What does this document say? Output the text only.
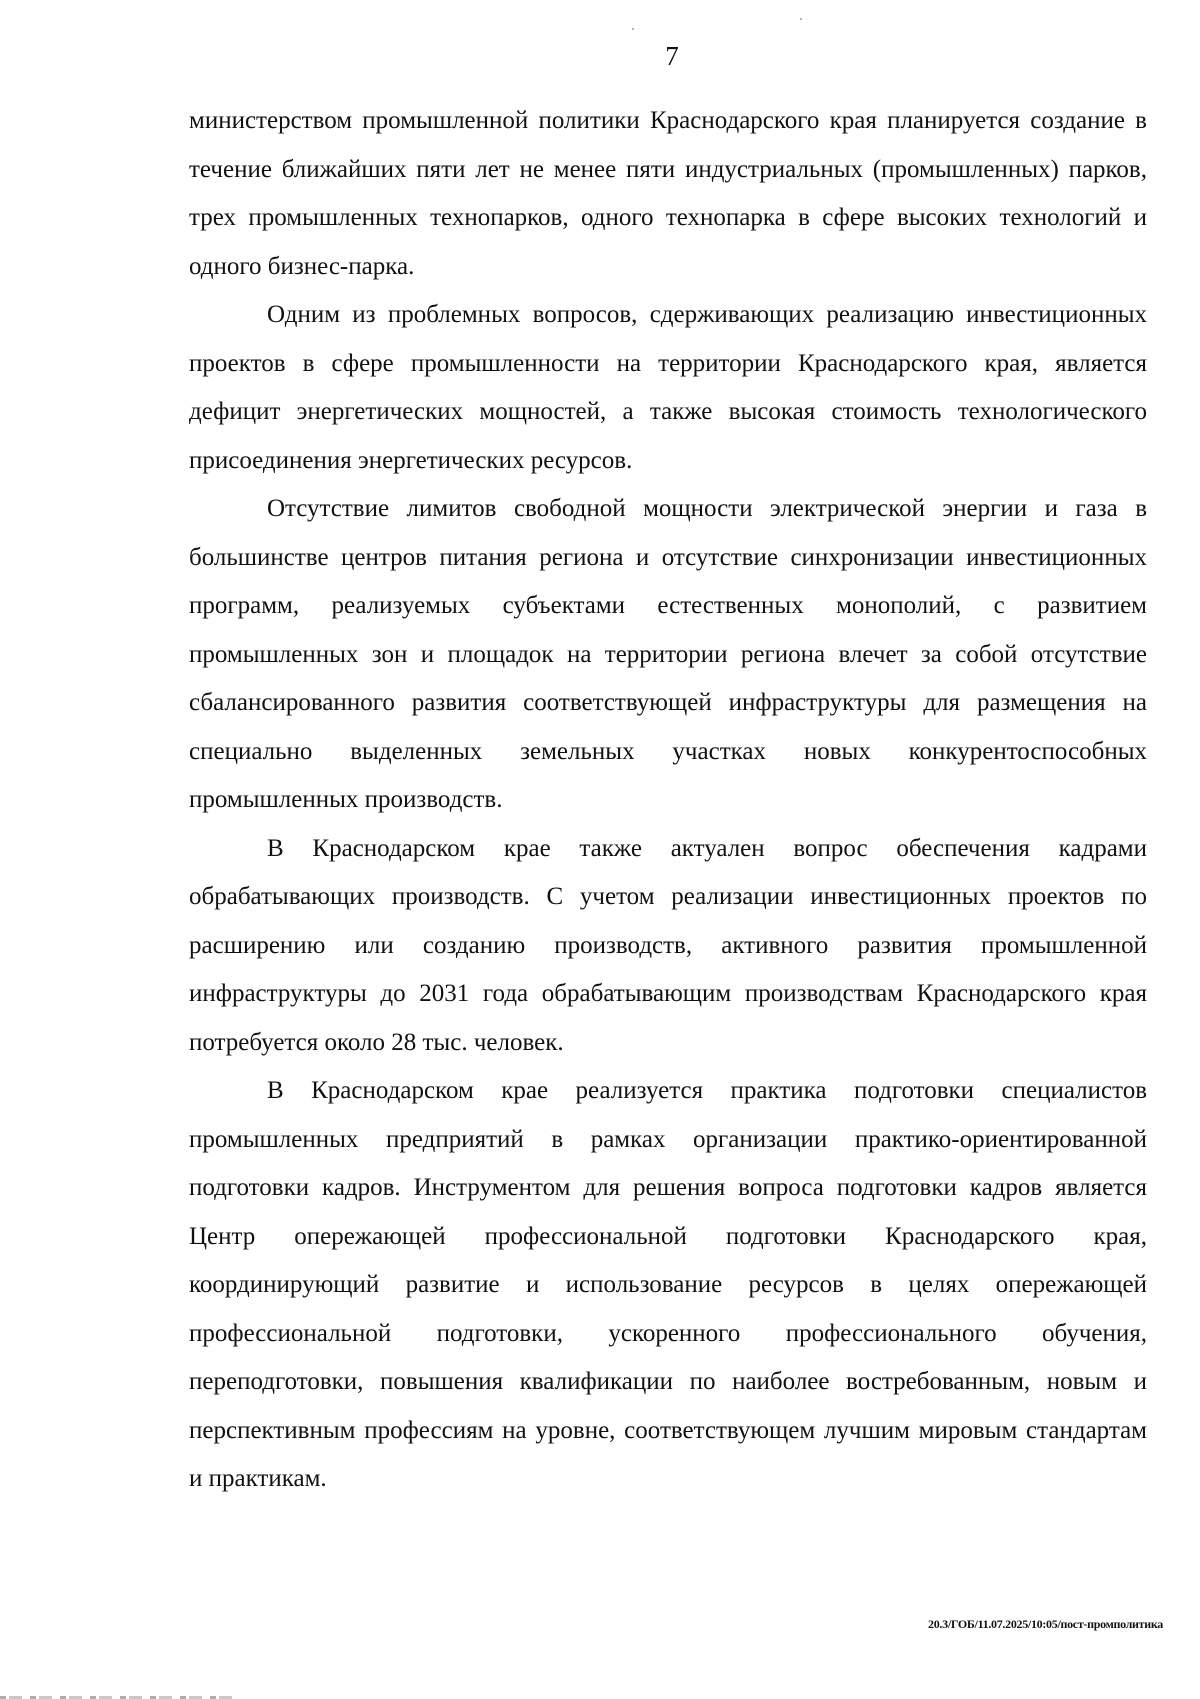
7

министерством промышленной политики Краснодарского края планируется создание в течение ближайших пяти лет не менее пяти индустриальных (промышленных) парков, трех промышленных технопарков, одного технопарка в сфере высоких технологий и одного бизнес-парка.

Одним из проблемных вопросов, сдерживающих реализацию инвестиционных проектов в сфере промышленности на территории Краснодарского края, является дефицит энергетических мощностей, а также высокая стоимость технологического присоединения энергетических ресурсов.

Отсутствие лимитов свободной мощности электрической энергии и газа в большинстве центров питания региона и отсутствие синхронизации инвестиционных программ, реализуемых субъектами естественных монополий, с развитием промышленных зон и площадок на территории региона влечет за собой отсутствие сбалансированного развития соответствующей инфраструктуры для размещения на специально выделенных земельных участках новых конкурентоспособных промышленных производств.

В Краснодарском крае также актуален вопрос обеспечения кадрами обрабатывающих производств. С учетом реализации инвестиционных проектов по расширению или созданию производств, активного развития промышленной инфраструктуры до 2031 года обрабатывающим производствам Краснодарского края потребуется около 28 тыс. человек.

В Краснодарском крае реализуется практика подготовки специалистов промышленных предприятий в рамках организации практико-ориентированной подготовки кадров. Инструментом для решения вопроса подготовки кадров является Центр опережающей профессиональной подготовки Краснодарского края, координирующий развитие и использование ресурсов в целях опережающей профессиональной подготовки, ускоренного профессионального обучения, переподготовки, повышения квалификации по наиболее востребованным, новым и перспективным профессиям на уровне, соответствующем лучшим мировым стандартам и практикам.

20.3/ГОБ/11.07.2025/10:05/пост-промполитика
